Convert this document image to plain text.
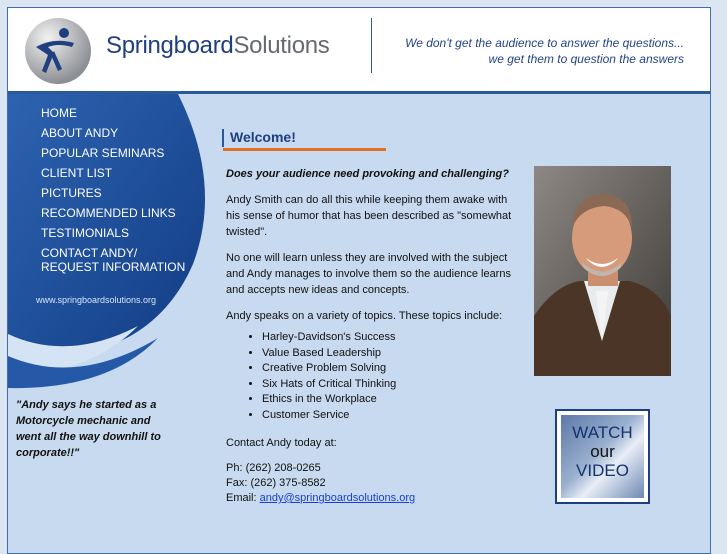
SpringboardSolutions	We don't get the audience to answer the questions...
we get them to question the answers
HOME
ABOUT ANDY
POPULAR SEMINARS
CLIENT LIST
PICTURES
RECOMMENDED LINKS
TESTIMONIALS
CONTACT ANDY/ REQUEST INFORMATION
www.springboardsolutions.org
"Andy says he started as a Motorcycle mechanic and went all the way downhill to corporate!!"
Welcome!

Does your audience need provoking and challenging?

Andy Smith can do all this while keeping them awake with his sense of humor that has been described as "somewhat twisted".

No one will learn unless they are involved with the subject and Andy manages to involve them so the audience learns and accepts new ideas and concepts.

Andy speaks on a variety of topics. These topics include:

• Harley-Davidson's Success
• Value Based Leadership
• Creative Problem Solving
• Six Hats of Critical Thinking
• Ethics in the Workplace
• Customer Service

Contact Andy today at:

Ph: (262) 208-0265
Fax: (262) 375-8582
Email: andy@springboardsolutions.org
WATCH
our
VIDEO
